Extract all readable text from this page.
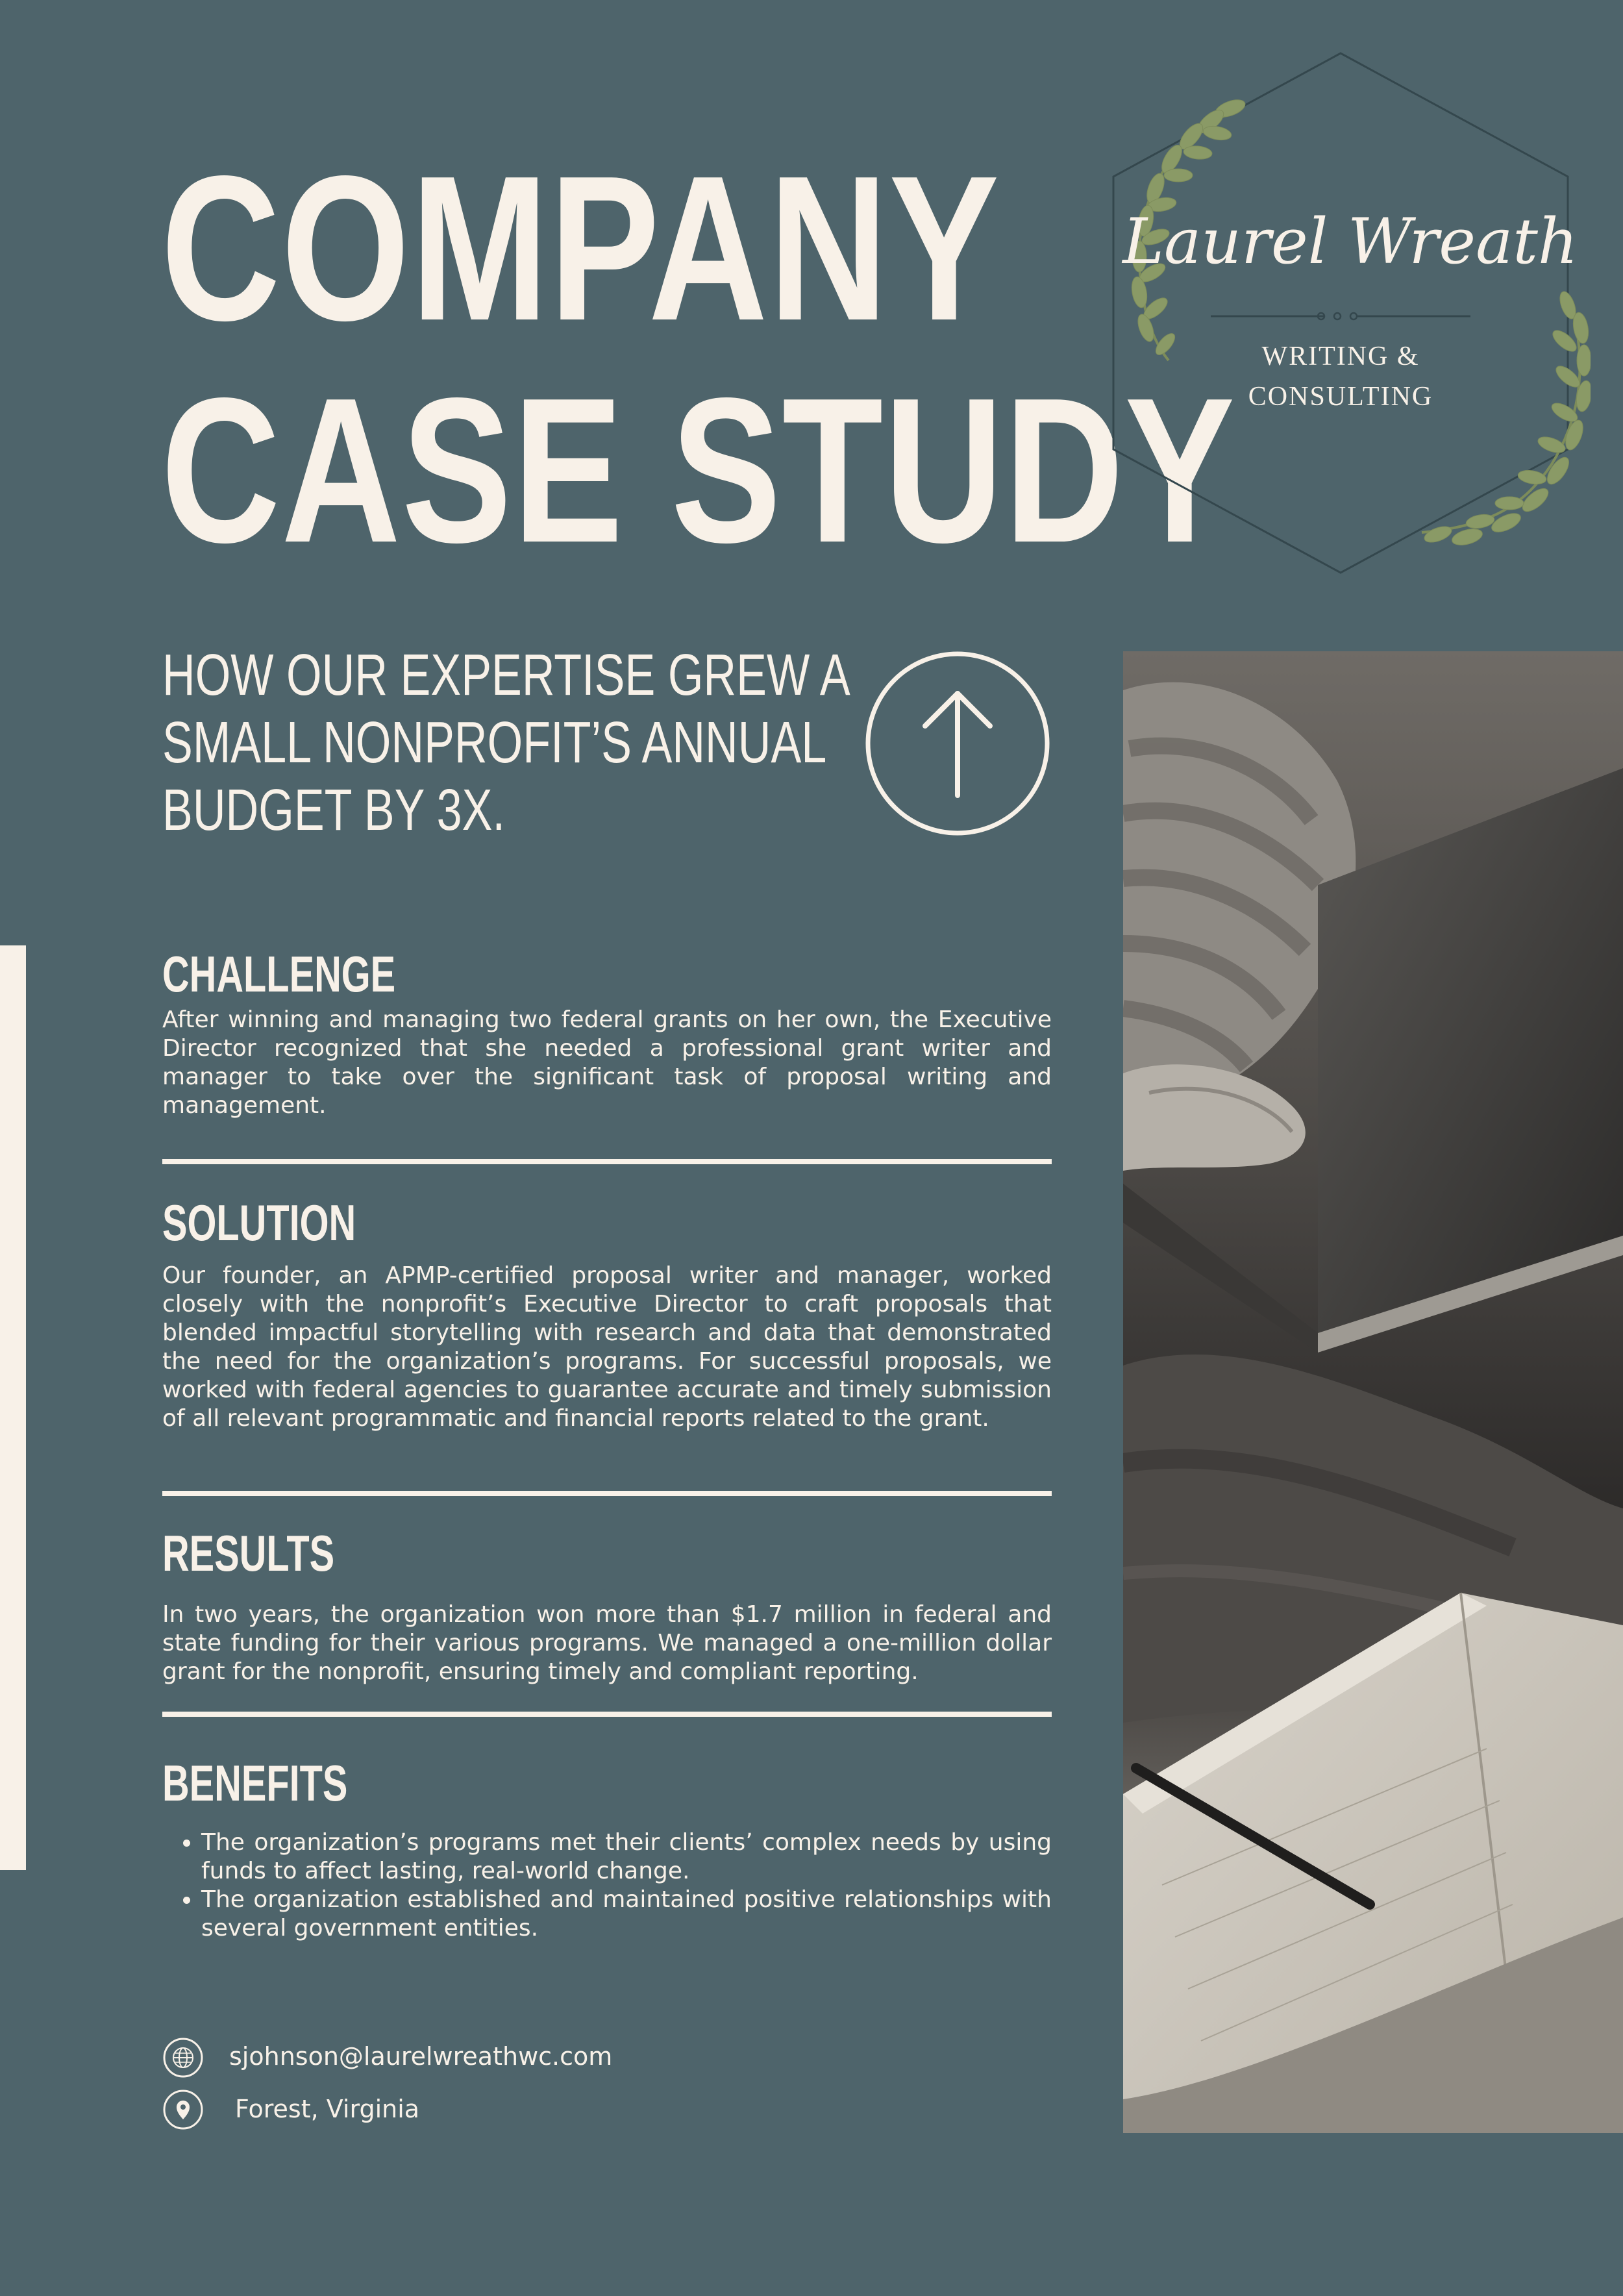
COMPANY
CASE STUDY
Laurel Wreath
WRITING &
CONSULTING
HOW OUR EXPERTISE GREW A
SMALL NONPROFIT’S ANNUAL
BUDGET BY 3X.
CHALLENGE

After winning and managing two federal grants on her own, the Executive Director recognized that she needed a professional grant writer and manager to take over the significant task of proposal writing and management.

SOLUTION

Our founder, an APMP-certified proposal writer and manager, worked closely with the nonprofit’s Executive Director to craft proposals that blended impactful storytelling with research and data that demonstrated the need for the organization’s programs. For successful proposals, we worked with federal agencies to guarantee accurate and timely submission of all relevant programmatic and financial reports related to the grant.

RESULTS

In two years, the organization won more than $1.7 million in federal and state funding for their various programs. We managed a one-million dollar grant for the nonprofit, ensuring timely and compliant reporting.

BENEFITS
• The organization’s programs met their clients’ complex needs by using funds to affect lasting, real-world change.
• The organization established and maintained positive relationships with several government entities.
sjohnson@laurelwreathwc.com
Forest, Virginia
